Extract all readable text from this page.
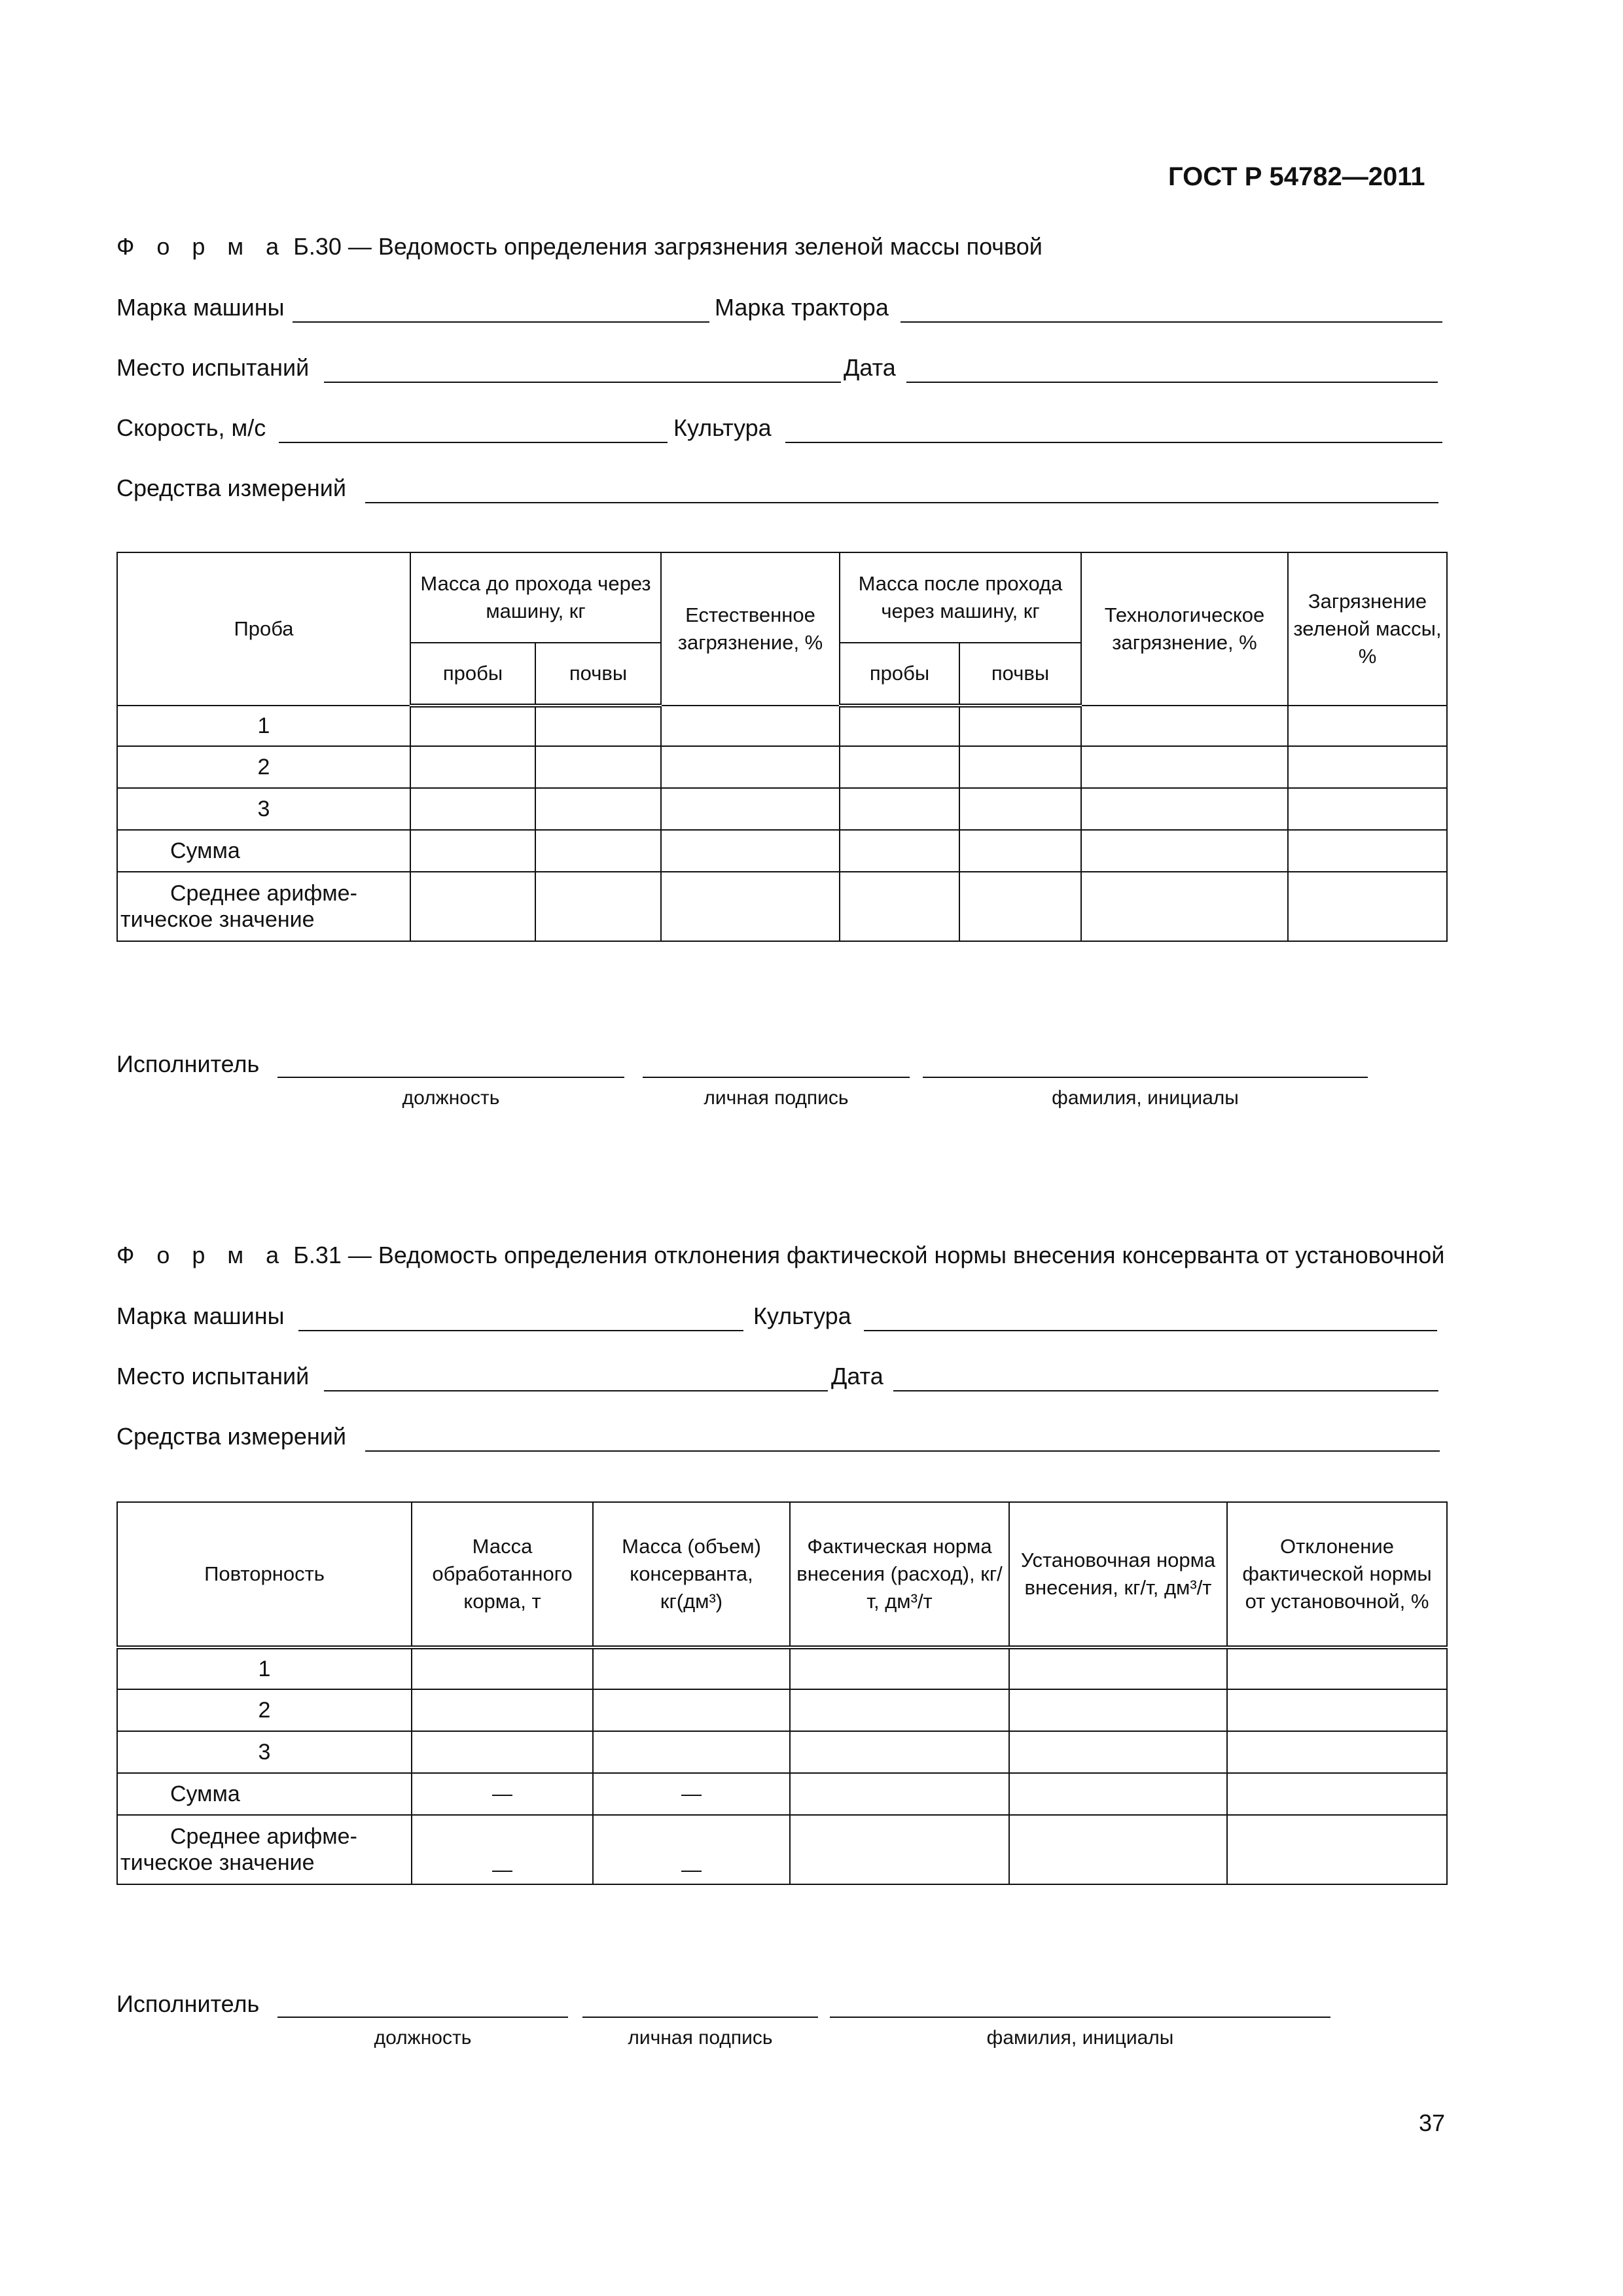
ГОСТ Р 54782—2011
Ф о р м а Б.30 — Ведомость определения загрязнения зеленой массы почвой
Марка машины	Марка трактора
Место испытаний	Дата
Скорость, м/с	Культура
Средства измерений
Проба	Масса до прохода через машину, кг		Естественное загрязнение, %	Масса после прохода через машину, кг		Технологическое загрязнение, %	Загрязнение зеленой массы, %
	пробы	почвы		пробы	почвы		
1							
2							
3							
Сумма							

Среднее арифме-
тическое значение							

Исполнитель
должность	личная подпись	фамилия, инициалы
Ф о р м а Б.31 — Ведомость определения отклонения фактической нормы внесения консерванта от установочной
Марка машины	Культура
Место испытаний	Дата
Средства измерений
Повторность	Масса обработанного корма, т	Масса (объем) консерванта, кг(дм³)	Фактическая норма внесения (расход), кг/т, дм³/т	Установочная норма внесения, кг/т, дм³/т	Отклонение фактической нормы от установочной, %
1					
2					
3					
Сумма	—	—			

Среднее арифме-
тическое значение	—	—			
Исполнитель
должность	личная подпись	фамилия, инициалы
37
